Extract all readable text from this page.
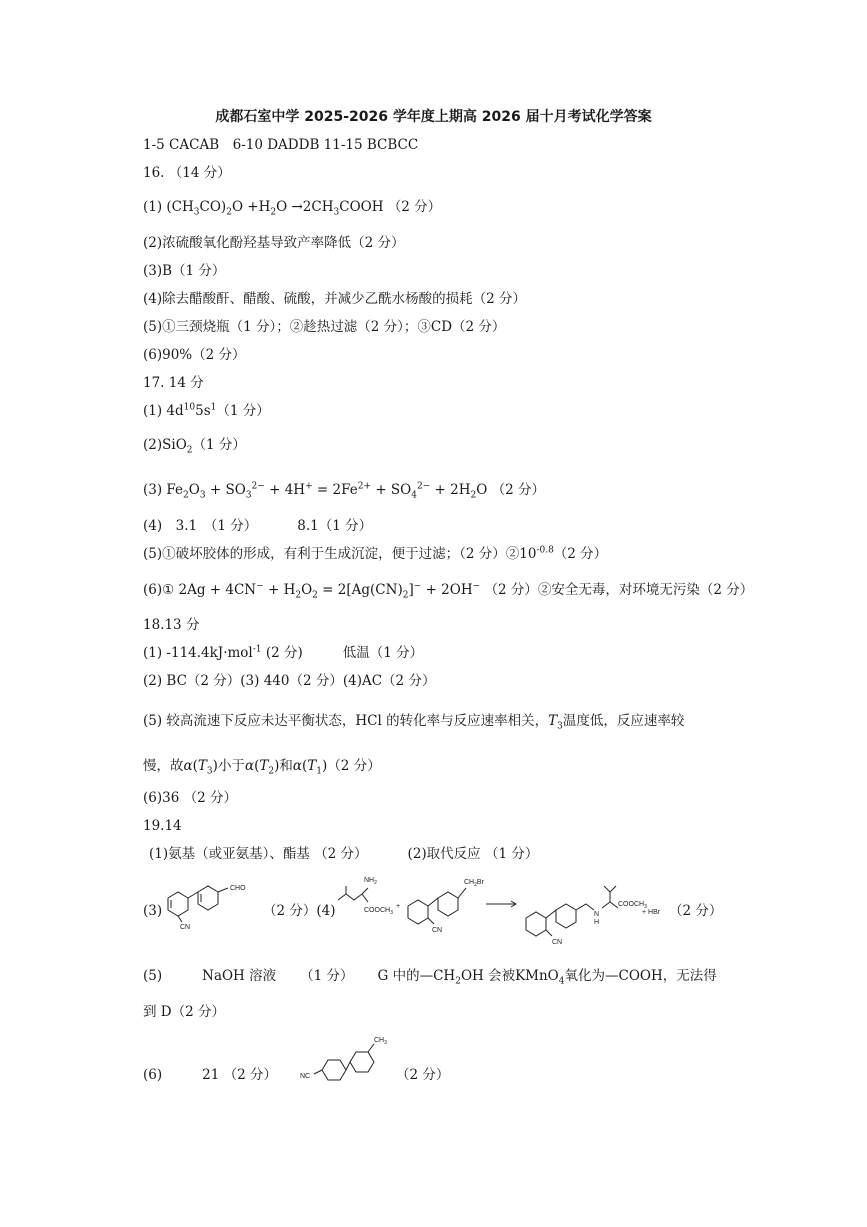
成都石室中学 2025-2026 学年度上期高 2026 届十月考试化学答案
1-5 CACAB　6-10 DADDB 11-15 BCBCC
16. （14 分）
(1) $(CH_3CO)_2O +H_2O$ $\to 2CH_3COOH$ （2 分）
(2)浓硫酸氧化酚羟基导致产率降低（2 分）
(3)B（1 分）
(4)除去醋酸酐、醋酸、硫酸，并减少乙酰水杨酸的损耗（2 分）
(5)①三颈烧瓶（1 分）；②趁热过滤（2 分）；③CD（2 分）
(6)90%（2 分）
17. 14 分
(1) $4d^{10}5s^1(1$ 分）
(2)SiO$_2$（1 分）
(3) $Fe_2O_3 + SO_3^{2-} + 4H^+ = 2Fe^{2+} + SO_4^{2-} + 2H_2O$ （2 分）
(4)　3.1　（1 分）	8.1（1 分）
(5)①破坏胶体的形成，有利于生成沉淀，便于过滤；（2 分）$②10^{-0.8}(2$ 分）
(6)① $2Ag + 4CN^- + H_2O_2 = 2[Ag(CN)_2]^- + 2OH^-$ （2 分）②安全无毒，对环境无污染（2 分）
18.13 分
(1) -114.4kJ·mol$^{-1}$ (2 分)	低温（1 分）
(2) BC（2 分）(3) 440（2 分）(4)AC（2 分）
(5) 较高流速下反应未达平衡状态，HCl 的转化率与反应速率相关，$T_3$温度低，反应速率较
慢，故$\alpha(T_3)$小于$\alpha(T_2)$和$\alpha(T_1)(2$ 分）
(6)36 （2 分）
19.14
(1)氨基（或亚氨基）、酯基 （2 分）	(2)取代反应 （1 分）
(3)	（2 分）(4)	（2 分）
CHO
CN
$NH_2$
$COOCH_3$
+
$CH_2Br$
CN
N
H
$COOCH_3$
+ HBr
CN
(5)	NaOH 溶液 （1 分） G 中的$—CH_2OH$ 会被KMnO$_4$氧化为—COOH，无法得
到 D（2 分）
(6)	21 （2 分）	（2 分）
NC
$CH_3$
